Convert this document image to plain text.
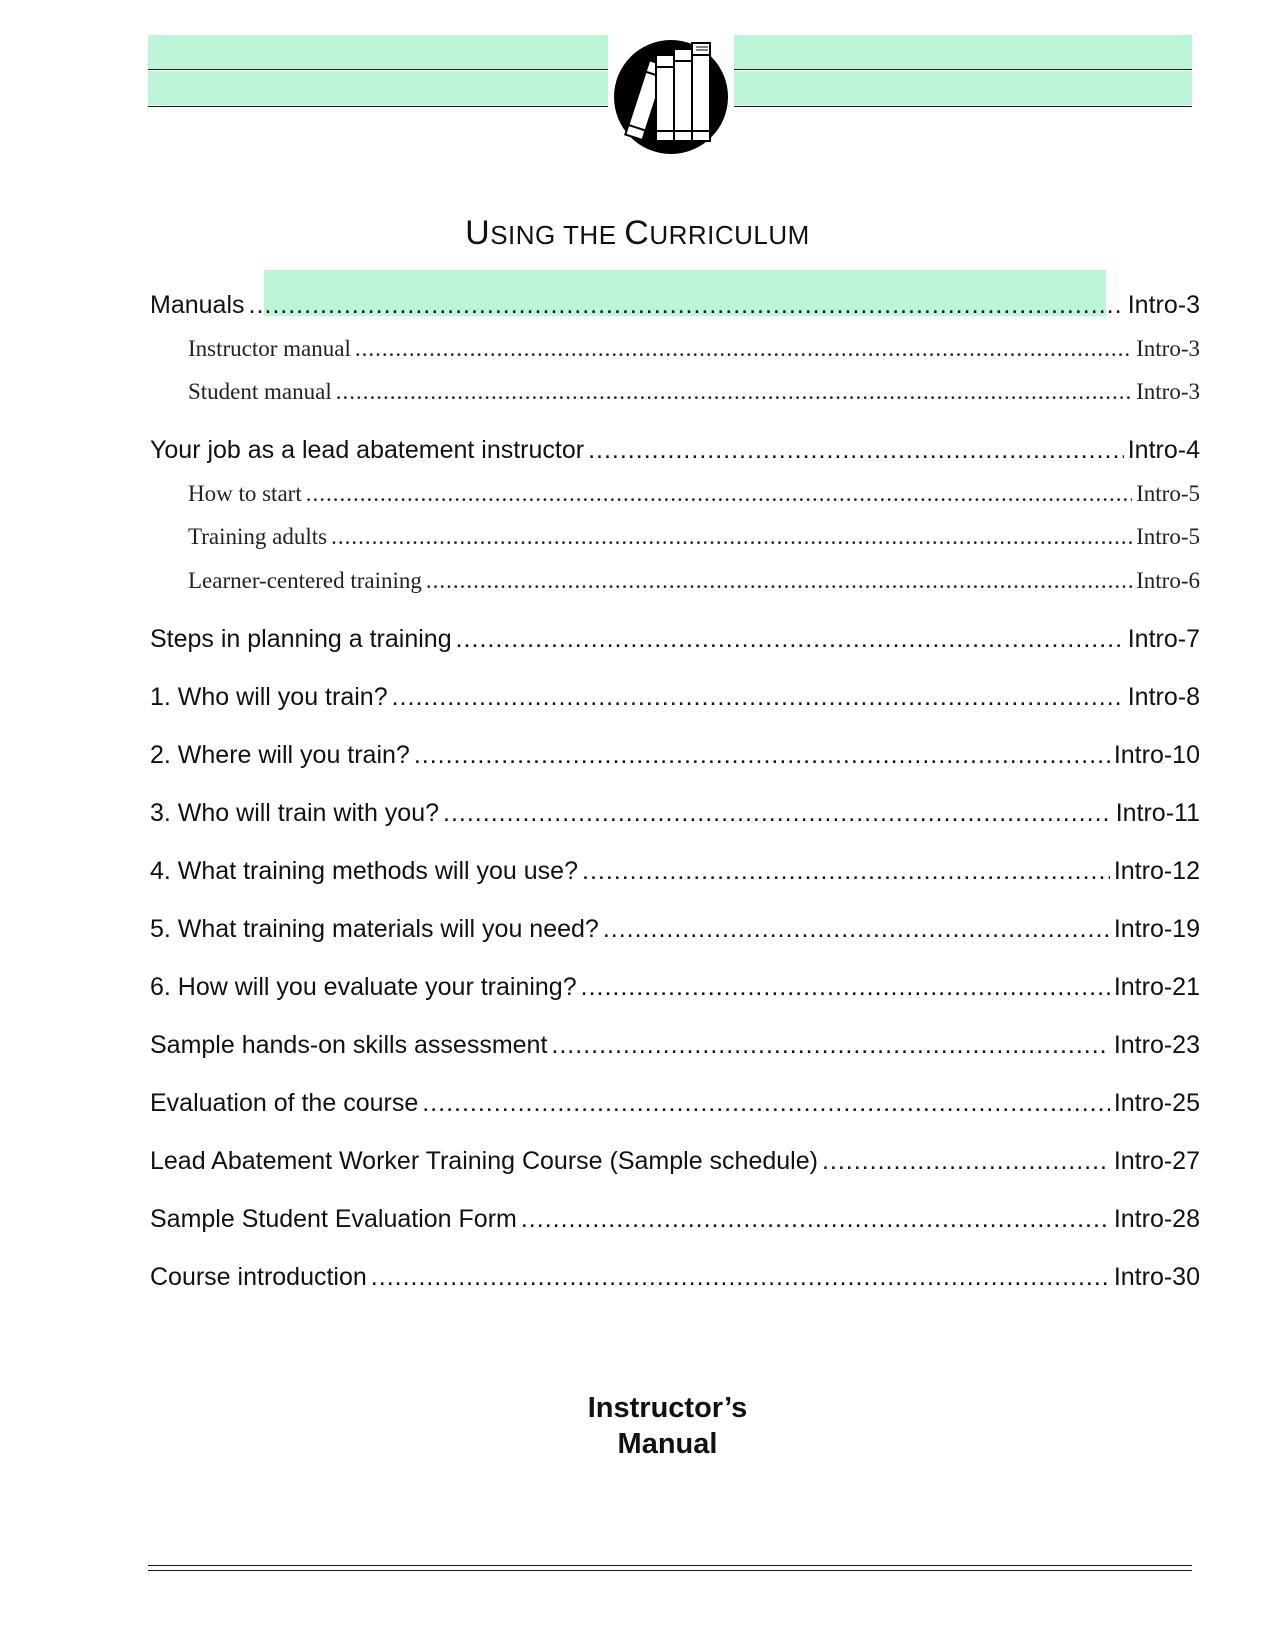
USING THE CURRICULUM
Manuals .....	Intro-3
Instructor manual .....	Intro-3
Student manual .....	Intro-3
Your job as a lead abatement instructor .....	Intro-4
How to start .....	Intro-5
Training adults .....	Intro-5
Learner-centered training .....	Intro-6
Steps in planning a training .....	Intro-7
1. Who will you train? .....	Intro-8
2. Where will you train? .....	Intro-10
3. Who will train with you? .....	Intro-11
4. What training methods will you use? .....	Intro-12
5. What training materials will you need? .....	Intro-19
6. How will you evaluate your training? .....	Intro-21
Sample hands-on skills assessment .....	Intro-23
Evaluation of the course .....	Intro-25
Lead Abatement Worker Training Course (Sample schedule) .....	Intro-27
Sample Student Evaluation Form .....	Intro-28
Course introduction .....	Intro-30
Instructor’s
Manual
